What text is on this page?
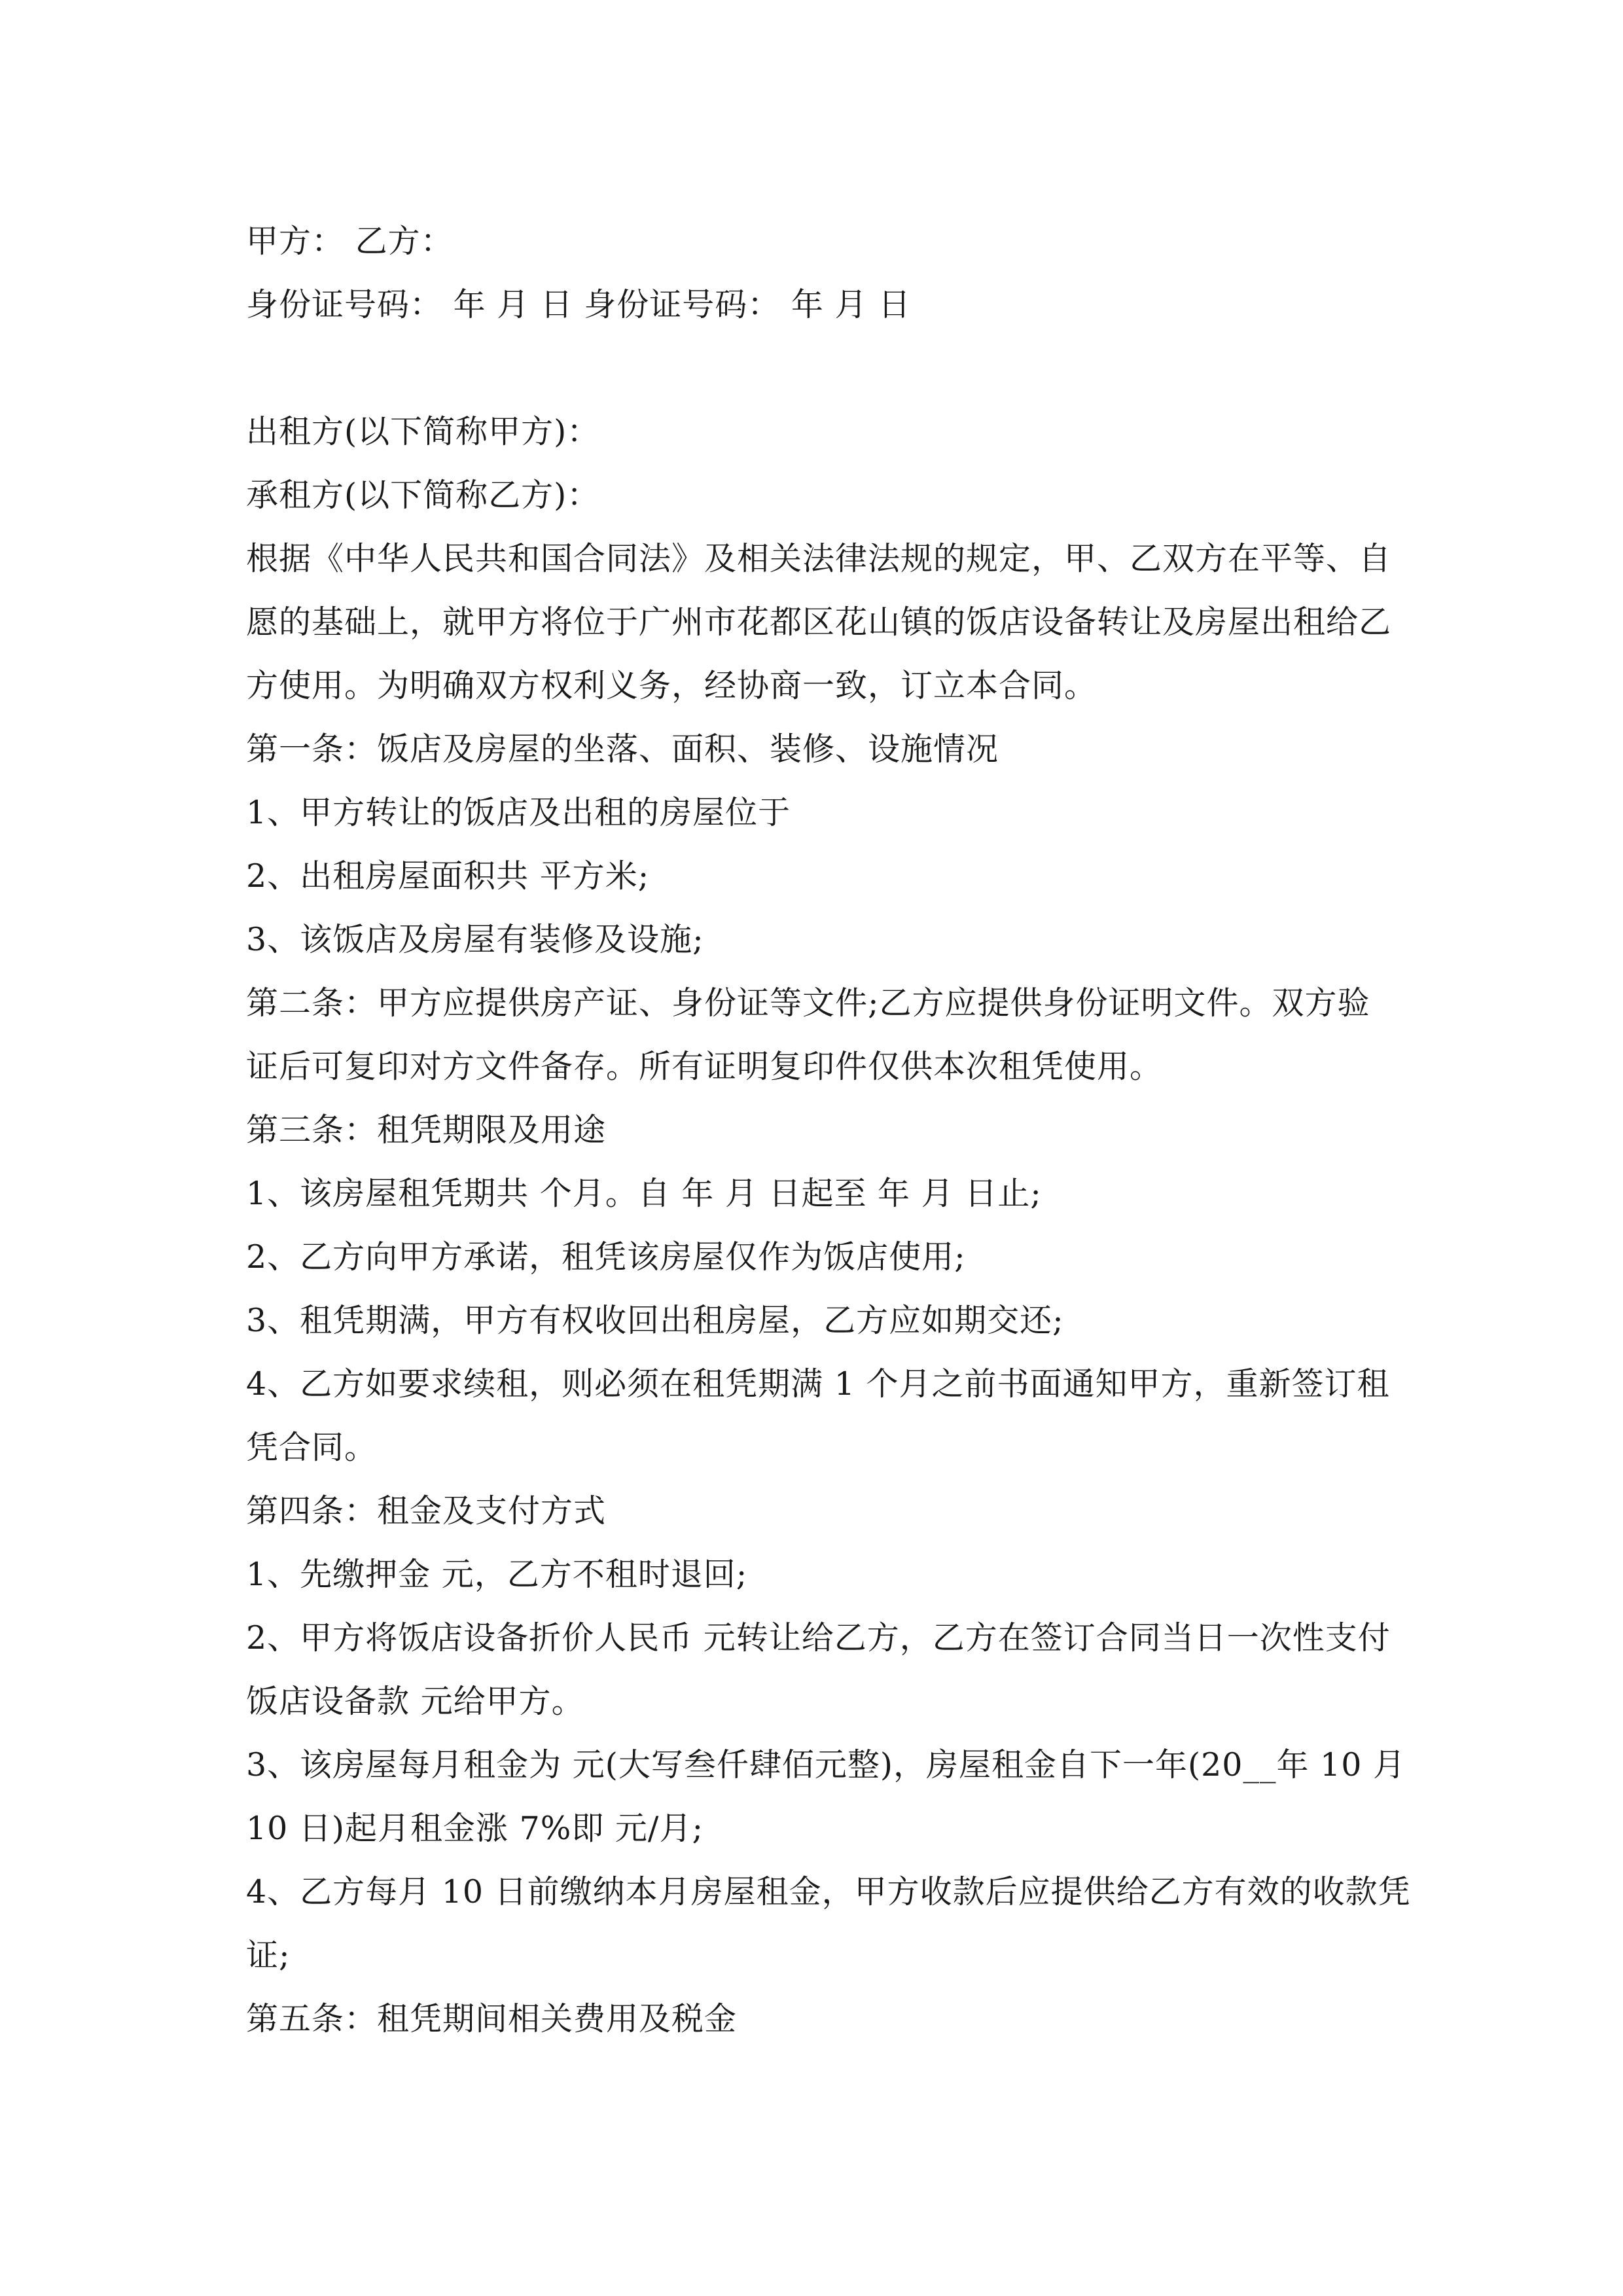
甲方： 乙方：
身份证号码： 年 月 日 身份证号码： 年 月 日
出租方(以下简称甲方)：
承租方(以下简称乙方)：
根据《中华人民共和国合同法》及相关法律法规的规定，甲、乙双方在平等、自
愿的基础上，就甲方将位于广州市花都区花山镇的饭店设备转让及房屋出租给乙
方使用。为明确双方权利义务，经协商一致，订立本合同。
第一条：饭店及房屋的坐落、面积、装修、设施情况
1、甲方转让的饭店及出租的房屋位于
2、出租房屋面积共 平方米;
3、该饭店及房屋有装修及设施;
第二条：甲方应提供房产证、身份证等文件;乙方应提供身份证明文件。双方验
证后可复印对方文件备存。所有证明复印件仅供本次租凭使用。
第三条：租凭期限及用途
1、该房屋租凭期共 个月。自 年 月 日起至 年 月 日止;
2、乙方向甲方承诺，租凭该房屋仅作为饭店使用;
3、租凭期满，甲方有权收回出租房屋，乙方应如期交还;
4、乙方如要求续租，则必须在租凭期满 1 个月之前书面通知甲方，重新签订租
凭合同。
第四条：租金及支付方式
1、先缴押金 元，乙方不租时退回;
2、甲方将饭店设备折价人民币 元转让给乙方，乙方在签订合同当日一次性支付
饭店设备款 元给甲方。
3、该房屋每月租金为 元(大写叁仟肆佰元整)，房屋租金自下一年(20__年 10 月
10 日)起月租金涨 7%即 元/月;
4、乙方每月 10 日前缴纳本月房屋租金，甲方收款后应提供给乙方有效的收款凭
证;
第五条：租凭期间相关费用及税金
